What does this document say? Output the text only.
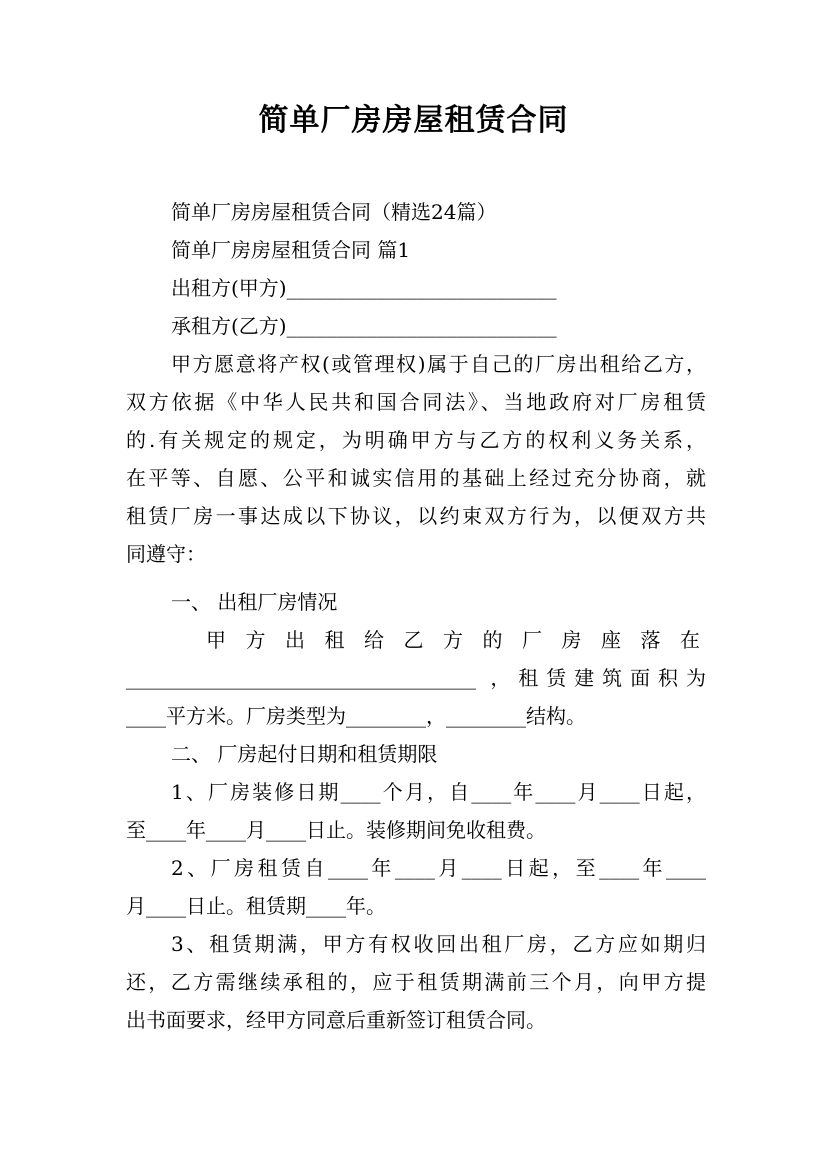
简单厂房房屋租赁合同
简单厂房房屋租赁合同（精选24篇）
简单厂房房屋租赁合同 篇1
出租方(甲方)___________________________
承租方(乙方)___________________________
甲方愿意将产权(或管理权)属于自己的厂房出租给乙方，
双方依据《中华人民共和国合同法》、当地政府对厂房租赁
的.有关规定的规定，为明确甲方与乙方的权利义务关系，
在平等、自愿、公平和诚实信用的基础上经过充分协商，就
租赁厂房一事达成以下协议，以约束双方行为，以便双方共
同遵守：
一、 出租厂房情况
甲方出租给乙方的厂房座落在
___________________________________ ，租赁建筑面积为
____平方米。厂房类型为________，________结构。
二、 厂房起付日期和租赁期限
1、厂房装修日期____个月，自____年____月____日起，
至____年____月____日止。装修期间免收租费。
2、厂房租赁自____年____月____日起，至____年____
月____日止。租赁期____年。
3、租赁期满，甲方有权收回出租厂房，乙方应如期归
还，乙方需继续承租的，应于租赁期满前三个月，向甲方提
出书面要求，经甲方同意后重新签订租赁合同。
